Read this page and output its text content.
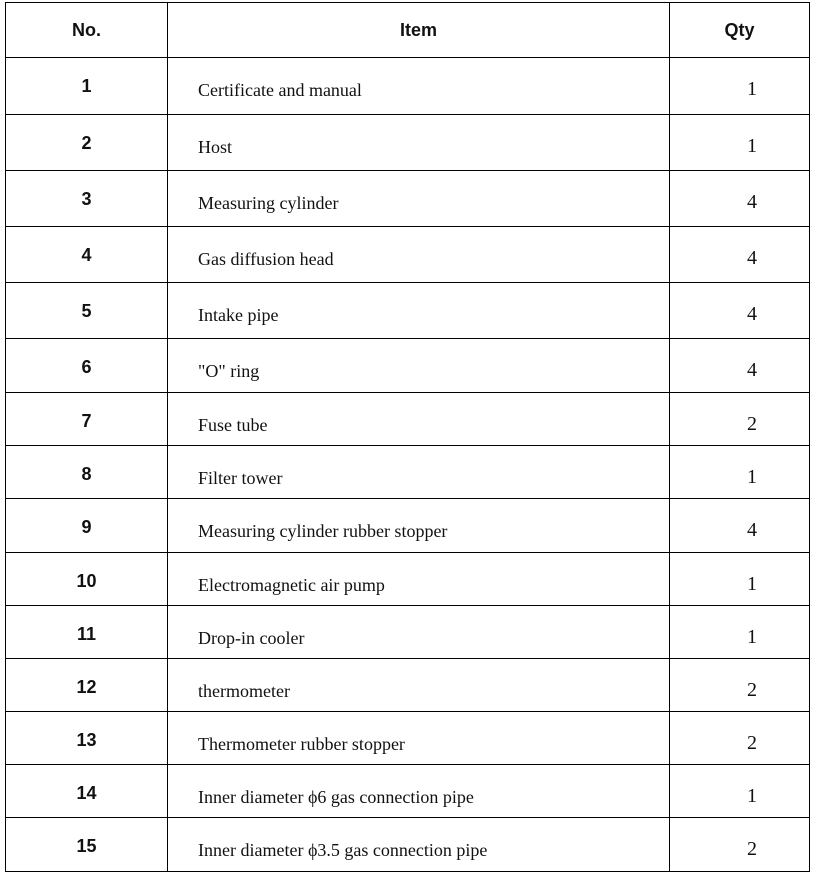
No.	Item	Qty
1	Certificate and manual	1
2	Host	1
3	Measuring cylinder	4
4	Gas diffusion head	4
5	Intake pipe	4
6	"O" ring	4
7	Fuse tube	2
8	Filter tower	1
9	Measuring cylinder rubber stopper	4
10	Electromagnetic air pump	1
11	Drop-in cooler	1
12	thermometer	2
13	Thermometer rubber stopper	2
14	Inner diameter ϕ6 gas connection pipe	1
15	Inner diameter ϕ3.5 gas connection pipe	2
